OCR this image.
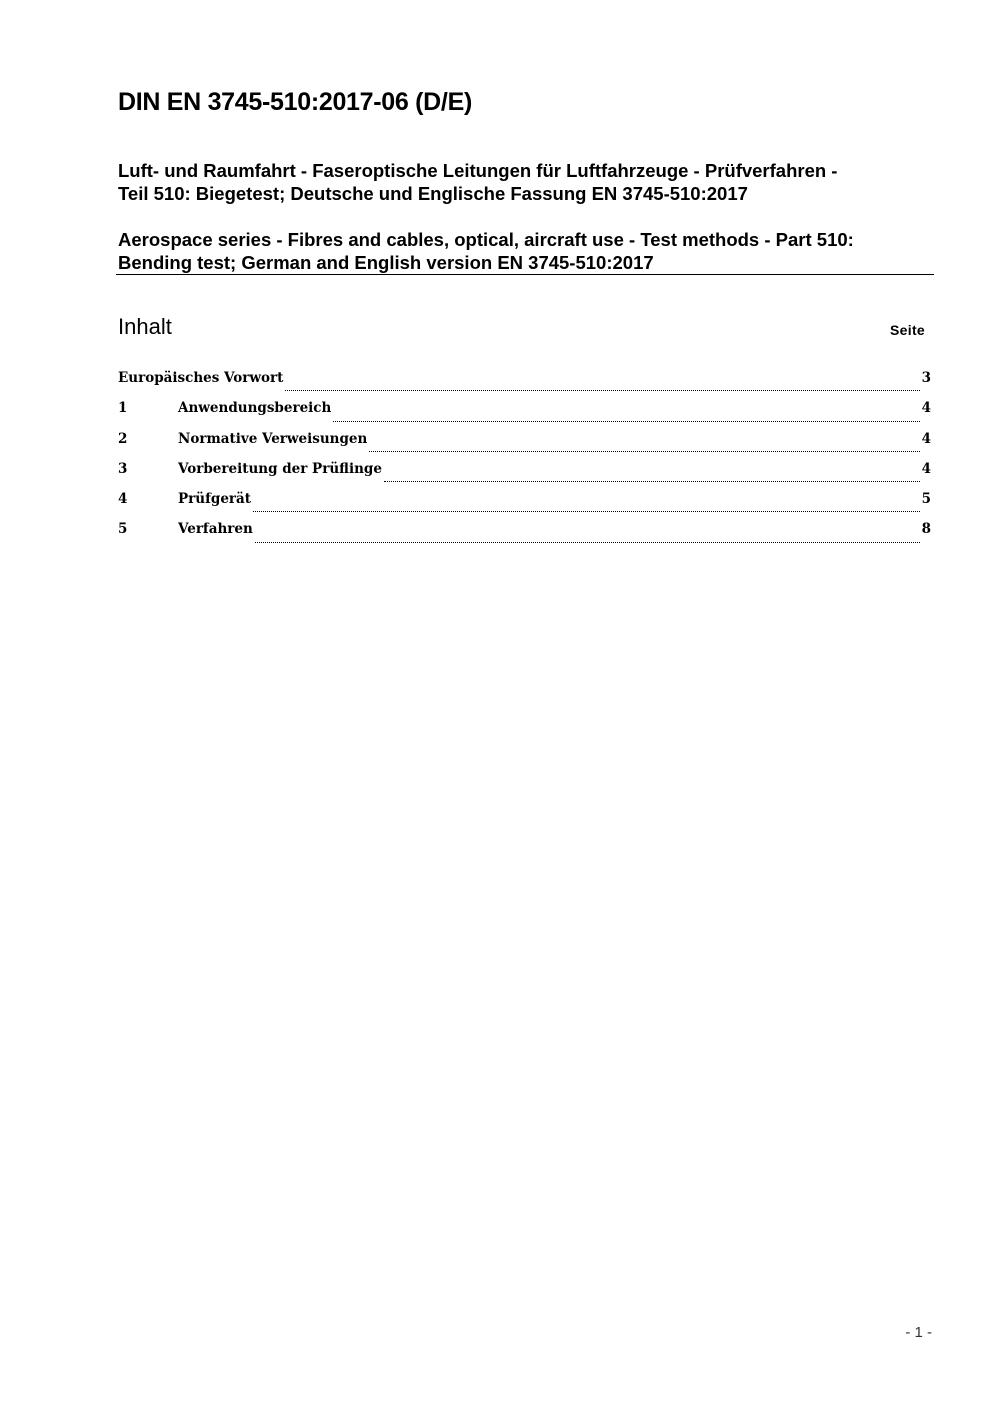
DIN EN 3745-510:2017-06 (D/E)
Luft- und Raumfahrt - Faseroptische Leitungen für Luftfahrzeuge - Prüfverfahren -
Teil 510: Biegetest; Deutsche und Englische Fassung EN 3745-510:2017
Aerospace series - Fibres and cables, optical, aircraft use - Test methods - Part 510:
Bending test; German and English version EN 3745-510:2017
Inhalt	Seite
Europäisches Vorwort	3
1	Anwendungsbereich	4
2	Normative Verweisungen	4
3	Vorbereitung der Prüflinge	4
4	Prüfgerät	5
5	Verfahren	8
- 1 -
